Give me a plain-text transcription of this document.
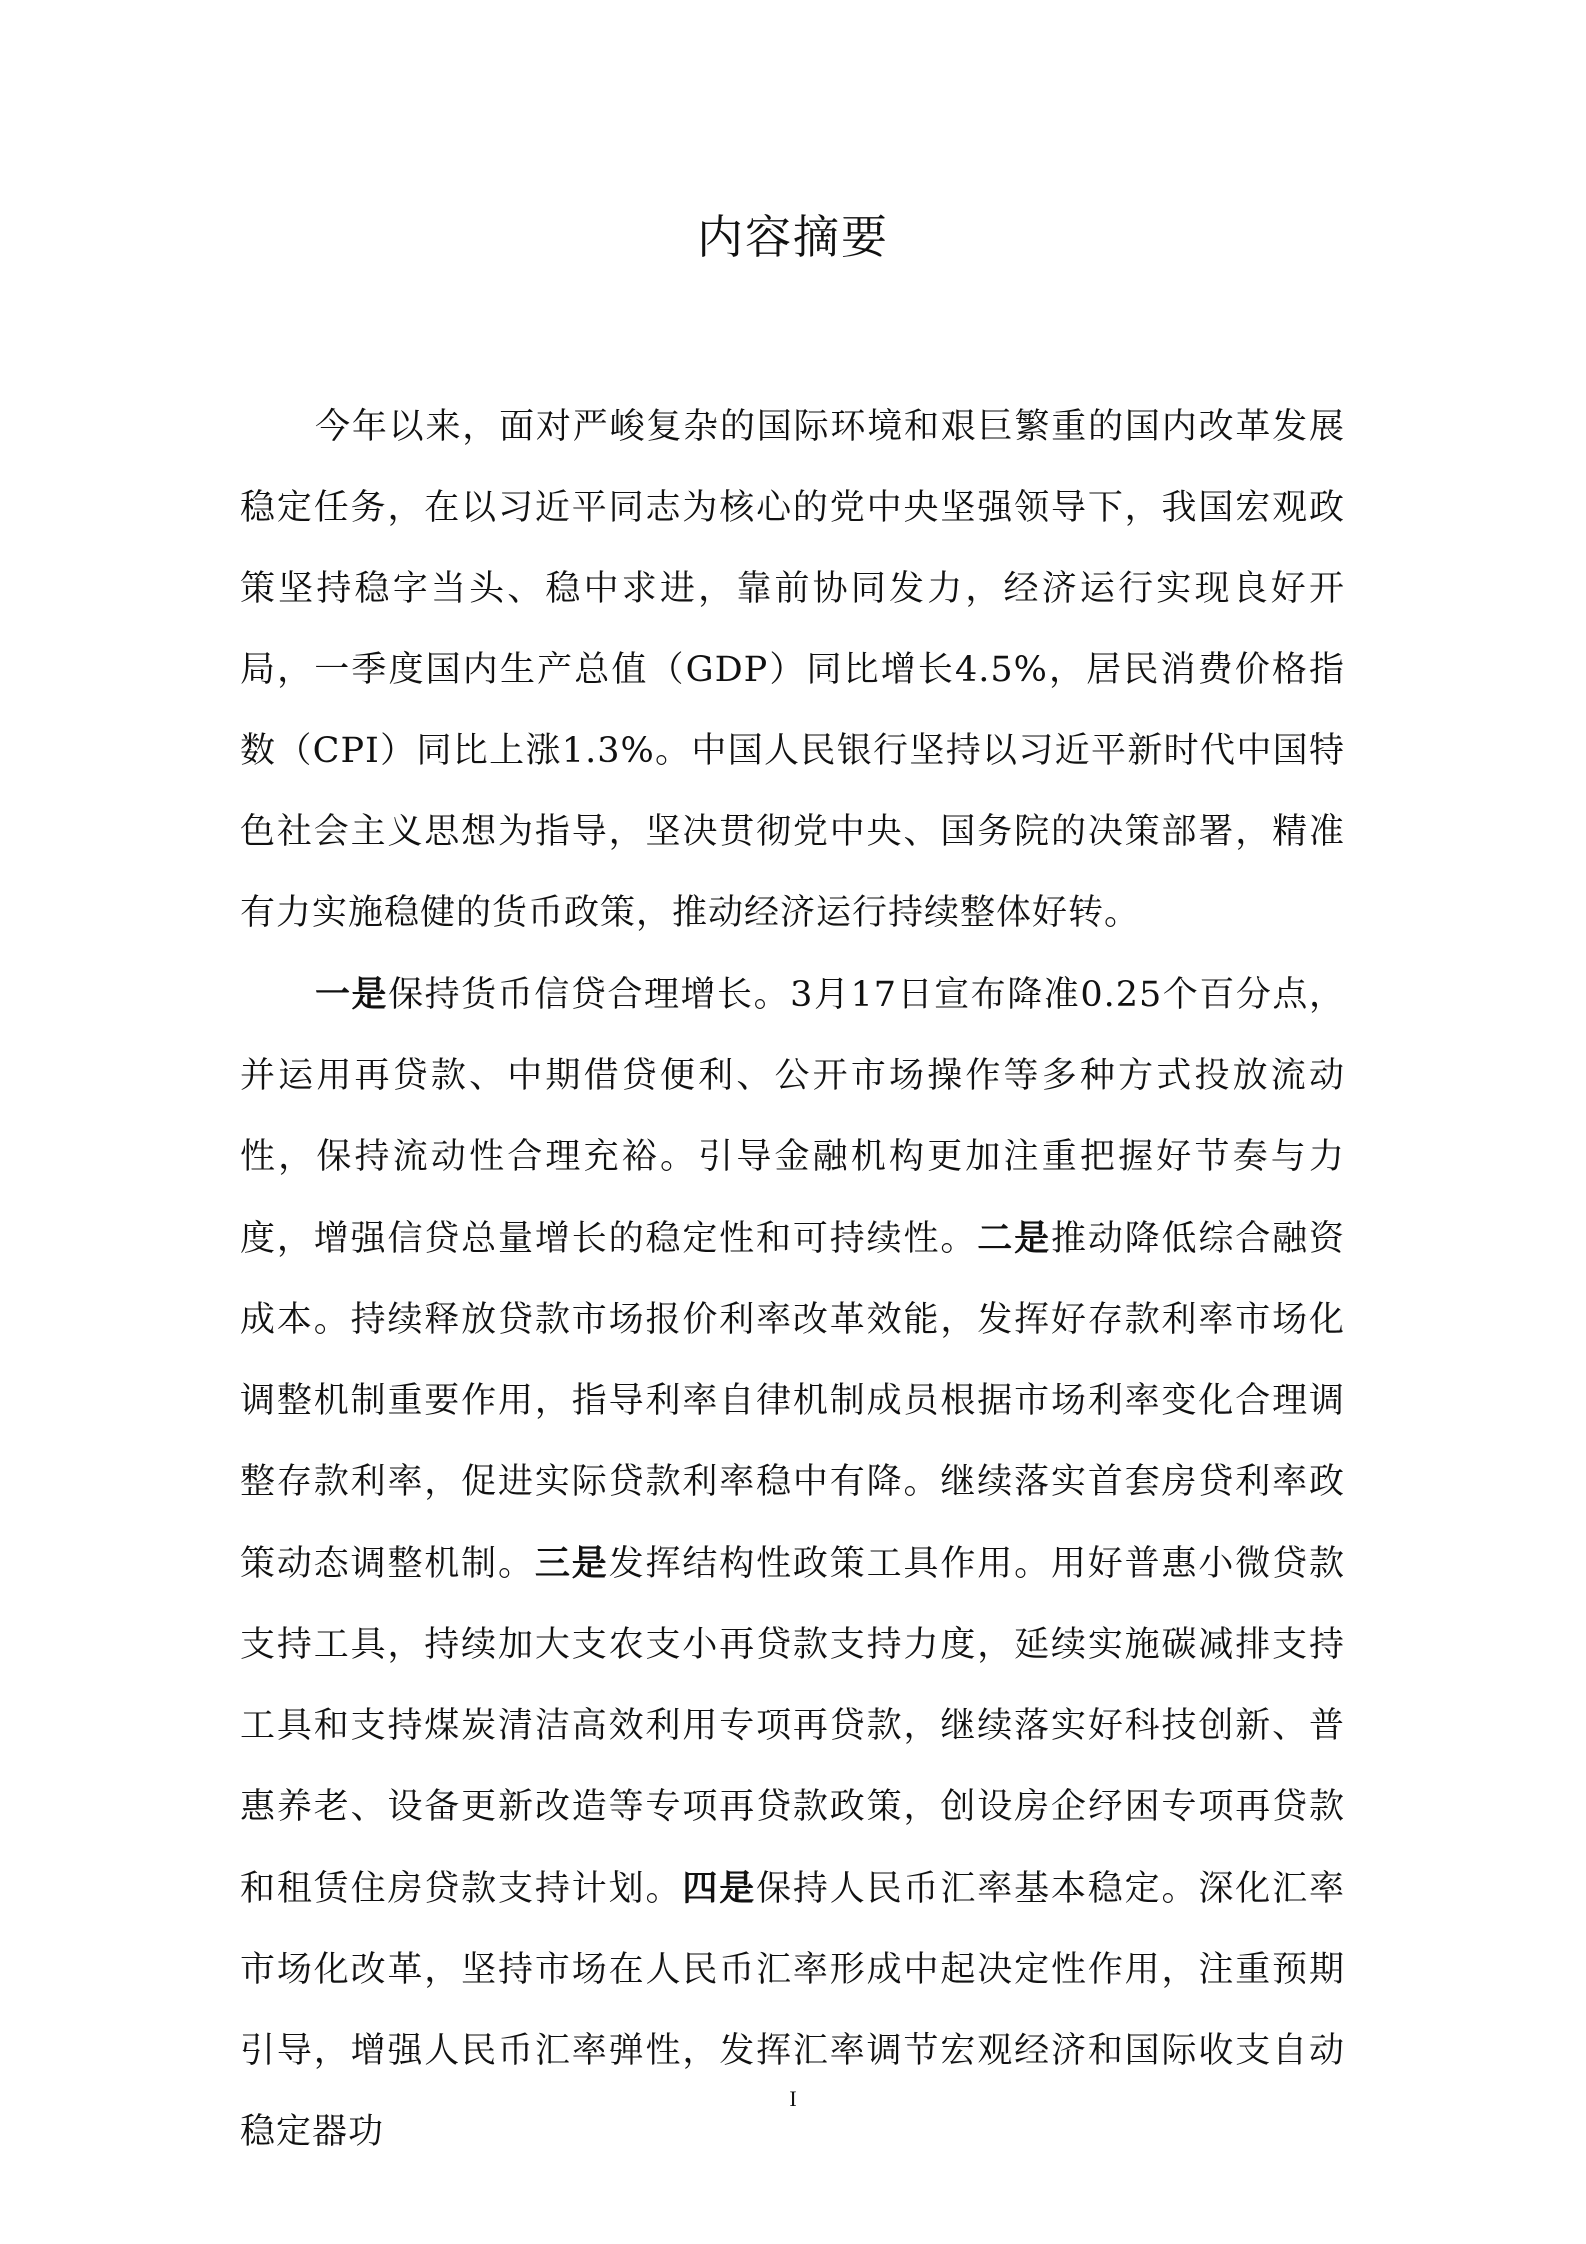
内容摘要

今年以来，面对严峻复杂的国际环境和艰巨繁重的国内改革发展稳定任务，在以习近平同志为核心的党中央坚强领导下，我国宏观政策坚持稳字当头、稳中求进，靠前协同发力，经济运行实现良好开局，一季度国内生产总值（GDP）同比增长4.5%，居民消费价格指数（CPI）同比上涨1.3%。中国人民银行坚持以习近平新时代中国特色社会主义思想为指导，坚决贯彻党中央、国务院的决策部署，精准有力实施稳健的货币政策，推动经济运行持续整体好转。

一是保持货币信贷合理增长。3月17日宣布降准0.25个百分点，并运用再贷款、中期借贷便利、公开市场操作等多种方式投放流动性，保持流动性合理充裕。引导金融机构更加注重把握好节奏与力度，增强信贷总量增长的稳定性和可持续性。二是推动降低综合融资成本。持续释放贷款市场报价利率改革效能，发挥好存款利率市场化调整机制重要作用，指导利率自律机制成员根据市场利率变化合理调整存款利率，促进实际贷款利率稳中有降。继续落实首套房贷利率政策动态调整机制。三是发挥结构性政策工具作用。用好普惠小微贷款支持工具，持续加大支农支小再贷款支持力度，延续实施碳减排支持工具和支持煤炭清洁高效利用专项再贷款，继续落实好科技创新、普惠养老、设备更新改造等专项再贷款政策，创设房企纾困专项再贷款和租赁住房贷款支持计划。四是保持人民币汇率基本稳定。深化汇率市场化改革，坚持市场在人民币汇率形成中起决定性作用，注重预期引导，增强人民币汇率弹性，发挥汇率调节宏观经济和国际收支自动稳定器功

I
